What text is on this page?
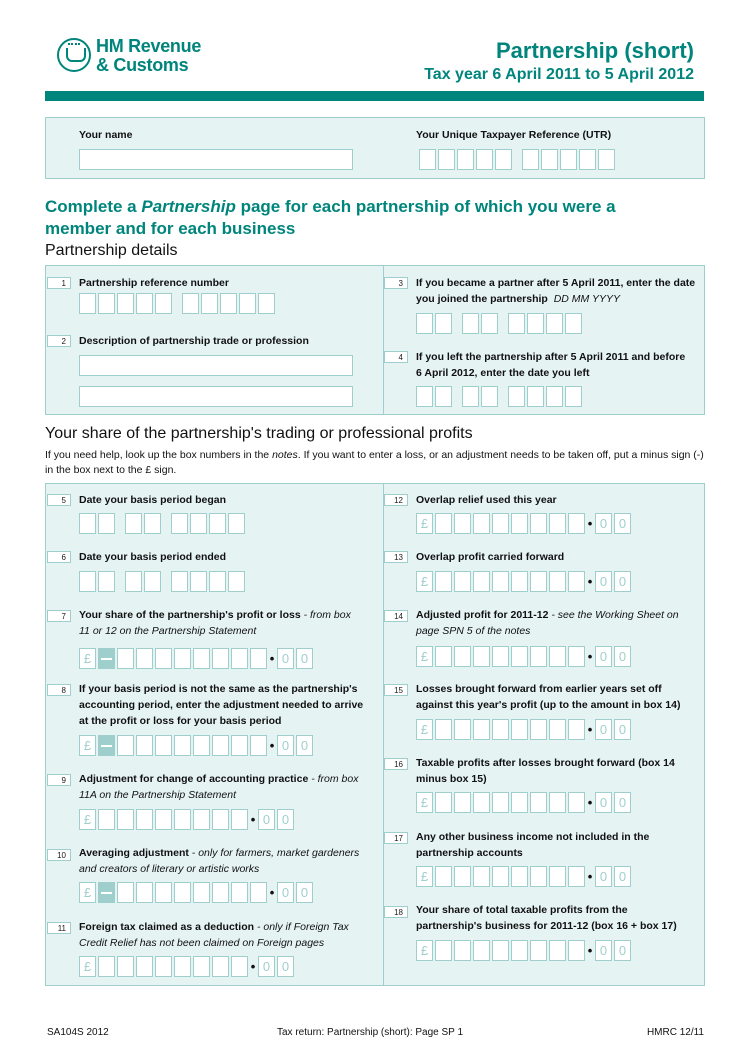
HM Revenue
& Customs
Partnership (short)
Tax year 6 April 2011 to 5 April 2012
Your name	Your Unique Taxpayer Reference (UTR)
Complete a Partnership page for each partnership of which you were a member and for each business
Partnership details
1	Partnership reference number
2	Description of partnership trade or profession
3	If you became a partner after 5 April 2011, enter the date you joined the partnership DD MM YYYY
4	If you left the partnership after 5 April 2011 and before 6 April 2012, enter the date you left
Your share of the partnership's trading or professional profits
If you need help, look up the box numbers in the notes. If you want to enter a loss, or an adjustment needs to be taken off, put a minus sign (-) in the box next to the £ sign.
5	Date your basis period began
6	Date your basis period ended
7	Your share of the partnership's profit or loss - from box 11 or 12 on the Partnership Statement
£	• 0 0
8	If your basis period is not the same as the partnership's accounting period, enter the adjustment needed to arrive at the profit or loss for your basis period
£	• 0 0
9	Adjustment for change of accounting practice - from box 11A on the Partnership Statement
£	• 0 0
10	Averaging adjustment - only for farmers, market gardeners and creators of literary or artistic works
£	• 0 0
11	Foreign tax claimed as a deduction - only if Foreign Tax Credit Relief has not been claimed on Foreign pages
£	• 0 0
12	Overlap relief used this year
£	• 0 0
13	Overlap profit carried forward
£	• 0 0
14	Adjusted profit for 2011-12 - see the Working Sheet on page SPN 5 of the notes
£	• 0 0
15	Losses brought forward from earlier years set off against this year's profit (up to the amount in box 14)
£	• 0 0
16	Taxable profits after losses brought forward (box 14 minus box 15)
£	• 0 0
17	Any other business income not included in the partnership accounts
£	• 0 0
18	Your share of total taxable profits from the partnership's business for 2011-12 (box 16 + box 17)
£	• 0 0
SA104S 2012	Tax return: Partnership (short): Page SP 1	HMRC 12/11
